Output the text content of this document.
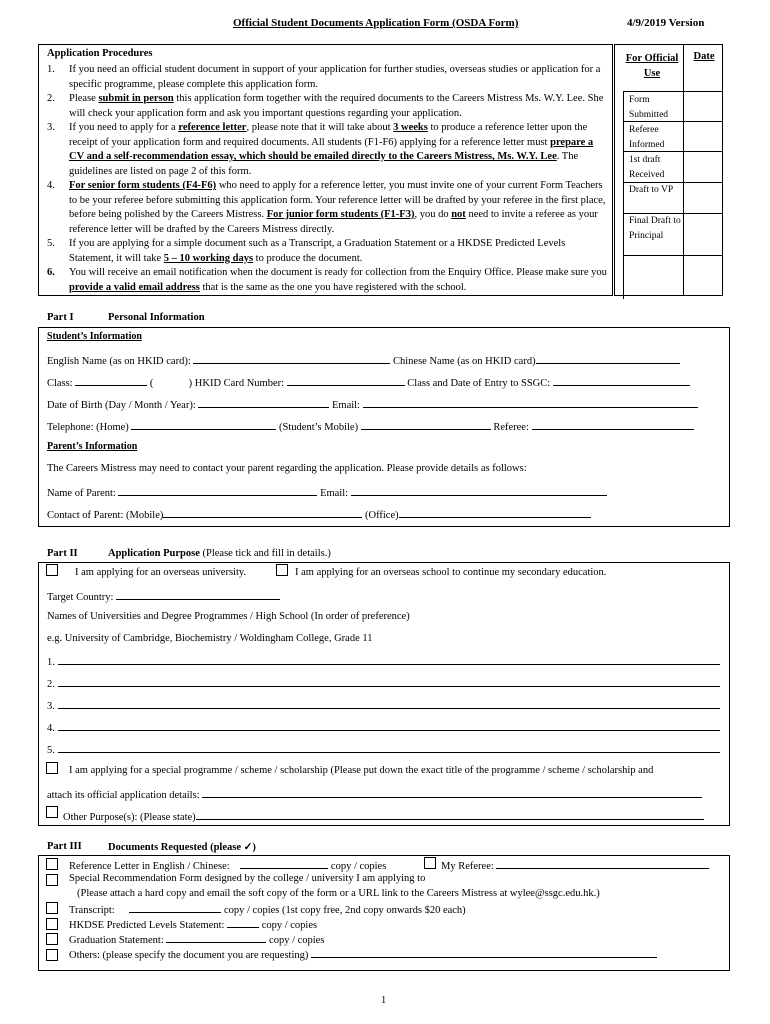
Official Student Documents Application Form (OSDA Form)	4/9/2019 Version
Application Procedures
1. If you need an official student document in support of your application for further studies, overseas studies or application for a specific programme, please complete this application form.
2. Please submit in person this application form together with the required documents to the Careers Mistress Ms. W.Y. Lee. She will check your application form and ask you important questions regarding your application.
3. If you need to apply for a reference letter, please note that it will take about 3 weeks to produce a reference letter upon the receipt of your application form and required documents. All students (F1-F6) applying for a reference letter must prepare a CV and a self-recommendation essay, which should be emailed directly to the Careers Mistress, Ms. W.Y. Lee. The guidelines are listed on page 2 of this form.
4. For senior form students (F4-F6) who need to apply for a reference letter, you must invite one of your current Form Teachers to be your referee before submitting this application form. Your reference letter will be drafted by your referee in the first place, before being polished by the Careers Mistress. For junior form students (F1-F3), you do not need to invite a referee as your reference letter will be drafted by the Careers Mistress directly.
5. If you are applying for a simple document such as a Transcript, a Graduation Statement or a HKDSE Predicted Levels Statement, it will take 5 – 10 working days to produce the document.
6. You will receive an email notification when the document is ready for collection from the Enquiry Office. Please make sure you provide a valid email address that is the same as the one you have registered with the school.
For Official Use
Date
Form Submitted
Referee Informed
1st draft Received
Draft to VP
Final Draft to Principal
Part I	Personal Information
Student’s Information
English Name (as on HKID card):	Chinese Name (as on HKID card)
Class:	(	) HKID Card Number:	Class and Date of Entry to SSGC:
Date of Birth (Day / Month / Year):	Email:
Telephone: (Home)	(Student’s Mobile)	Referee:
Parent’s Information
The Careers Mistress may need to contact your parent regarding the application. Please provide details as follows:
Name of Parent:	Email:
Contact of Parent: (Mobile)	(Office)
Part II	Application Purpose (Please tick and fill in details.)
I am applying for an overseas university.	I am applying for an overseas school to continue my secondary education.
Target Country:
Names of Universities and Degree Programmes / High School (In order of preference)
e.g. University of Cambridge, Biochemistry / Woldingham College, Grade 11
1.
2.
3.
4.
5.
I am applying for a special programme / scheme / scholarship (Please put down the exact title of the programme / scheme / scholarship and
attach its official application details:
Other Purpose(s): (Please state)
Part III	Documents Requested (please ✓)
Reference Letter in English / Chinese:	copy / copies	My Referee:
Special Recommendation Form designed by the college / university I am applying to
(Please attach a hard copy and email the soft copy of the form or a URL link to the Careers Mistress at wylee@ssgc.edu.hk.)
Transcript:	copy / copies (1st copy free, 2nd copy onwards $20 each)
HKDSE Predicted Levels Statement:	copy / copies
Graduation Statement:	copy / copies
Others: (please specify the document you are requesting)
1
